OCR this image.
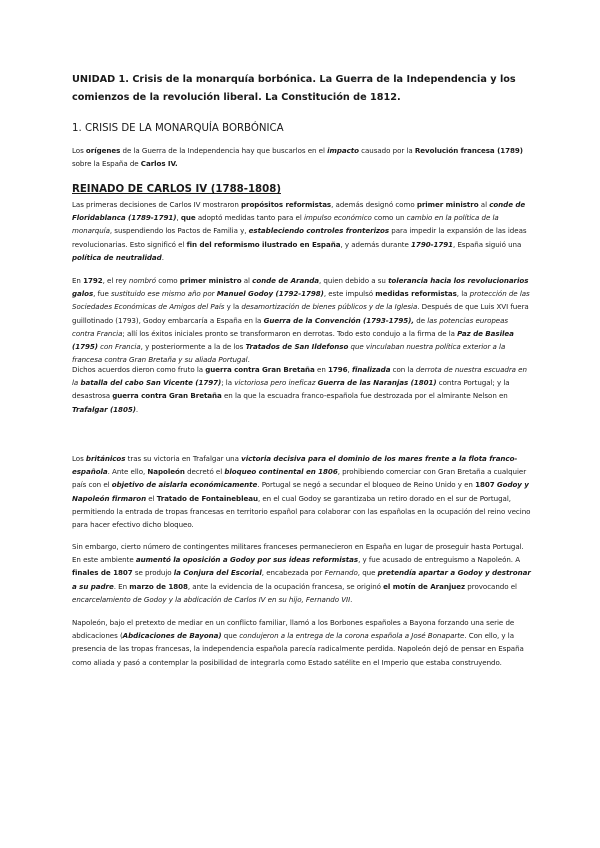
UNIDAD 1. Crisis de la monarquía borbónica. La Guerra de la Independencia y los comienzos de la revolución liberal. La Constitución de 1812.

1. CRISIS DE LA MONARQUÍA BORBÓNICA

Los orígenes de la Guerra de la Independencia hay que buscarlos en el impacto causado por la Revolución francesa (1789) sobre la España de Carlos IV.

REINADO DE CARLOS IV (1788-1808)

Las primeras decisiones de Carlos IV mostraron propósitos reformistas, además designó como primer ministro al conde de Floridablanca (1789-1791), que adoptó medidas tanto para el impulso económico como un cambio en la política de la monarquía, suspendiendo los Pactos de Familia y, estableciendo controles fronterizos para impedir la expansión de las ideas revolucionarias. Esto significó el fin del reformismo ilustrado en España, y además durante 1790-1791, España siguió una política de neutralidad.

En 1792, el rey nombró como primer ministro al conde de Aranda, quien debido a su tolerancia hacia los revolucionarios galos, fue sustituido ese mismo año por Manuel Godoy (1792-1798), este impulsó medidas reformistas, la protección de las Sociedades Económicas de Amigos del País y la desamortización de bienes públicos y de la Iglesia. Después de que Luis XVI fuera guillotinado (1793), Godoy embarcaría a España en la Guerra de la Convención (1793-1795), de las potencias europeas contra Francia; allí los éxitos iniciales pronto se transformaron en derrotas. Todo esto condujo a la firma de la Paz de Basilea (1795) con Francia, y posteriormente a la de los Tratados de San Ildefonso que vinculaban nuestra política exterior a la francesa contra Gran Bretaña y su aliada Portugal.

Dichos acuerdos dieron como fruto la guerra contra Gran Bretaña en 1796, finalizada con la derrota de nuestra escuadra en la batalla del cabo San Vicente (1797); la victoriosa pero ineficaz Guerra de las Naranjas (1801) contra Portugal; y la desastrosa guerra contra Gran Bretaña en la que la escuadra franco-española fue destrozada por el almirante Nelson en Trafalgar (1805).

Los británicos tras su victoria en Trafalgar una victoria decisiva para el dominio de los mares frente a la flota franco-española. Ante ello, Napoleón decretó el bloqueo continental en 1806, prohibiendo comerciar con Gran Bretaña a cualquier país con el objetivo de aislarla económicamente. Portugal se negó a secundar el bloqueo de Reino Unido y en 1807 Godoy y Napoleón firmaron el Tratado de Fontainebleau, en el cual Godoy se garantizaba un retiro dorado en el sur de Portugal, permitiendo la entrada de tropas francesas en territorio español para colaborar con las españolas en la ocupación del reino vecino para hacer efectivo dicho bloqueo.

Sin embargo, cierto número de contingentes militares franceses permanecieron en España en lugar de proseguir hasta Portugal. En este ambiente aumentó la oposición a Godoy por sus ideas reformistas, y fue acusado de entreguismo a Napoleón. A finales de 1807 se produjo la Conjura del Escorial, encabezada por Fernando, que pretendía apartar a Godoy y destronar a su padre. En marzo de 1808, ante la evidencia de la ocupación francesa, se originó el motín de Aranjuez provocando el encarcelamiento de Godoy y la abdicación de Carlos IV en su hijo, Fernando VII.

Napoleón, bajo el pretexto de mediar en un conflicto familiar, llamó a los Borbones españoles a Bayona forzando una serie de abdicaciones (Abdicaciones de Bayona) que condujeron a la entrega de la corona española a José Bonaparte. Con ello, y la presencia de las tropas francesas, la independencia española parecía radicalmente perdida. Napoleón dejó de pensar en España como aliada y pasó a contemplar la posibilidad de integrarla como Estado satélite en el Imperio que estaba construyendo.
